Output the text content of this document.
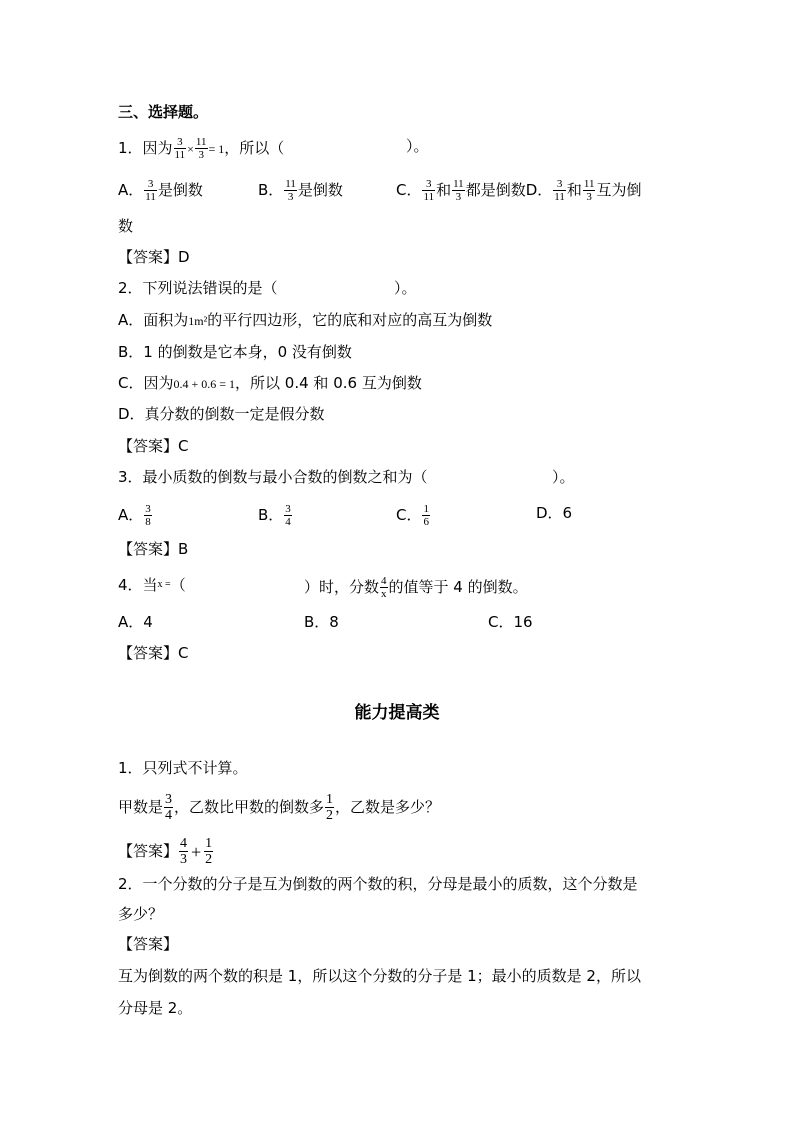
三、选择题。
1．因为 $\frac{3}{11} \times \frac{11}{3} = 1$，所以（	）。
A． $\frac{3}{11}$ 是倒数	B． $\frac{11}{3}$ 是倒数	C． $\frac{3}{11}$ 和 $\frac{11}{3}$ 都是倒数D． $\frac{3}{11}$ 和 $\frac{11}{3}$ 互为倒
数
【答案】D
2．下列说法错误的是（	）。
A．面积为1m²的平行四边形，它的底和对应的高互为倒数
B．1 的倒数是它本身，0 没有倒数
C．因为0.4 + 0.6 = 1，所以 0.4 和 0.6 互为倒数
D．真分数的倒数一定是假分数
【答案】C
3．最小质数的倒数与最小合数的倒数之和为（	）。
A． $\frac{3}{8}$	B． $\frac{3}{4}$	C． $\frac{1}{6}$	D．6
【答案】B
4．当$^{x =}$（	）时，分数 $\frac{4}{x}$ 的值等于 4 的倒数。
A．4	B．8	C．16
【答案】C
能力提高类
1．只列式不计算。
甲数是 $\frac{3}{4}$ ，乙数比甲数的倒数多 $\frac{1}{2}$ ，乙数是多少？
【答案】 $\frac{4}{3} + \frac{1}{2}$
2．一个分数的分子是互为倒数的两个数的积，分母是最小的质数，这个分数是
多少？
【答案】
互为倒数的两个数的积是 1，所以这个分数的分子是 1；最小的质数是 2，所以
分母是 2。
